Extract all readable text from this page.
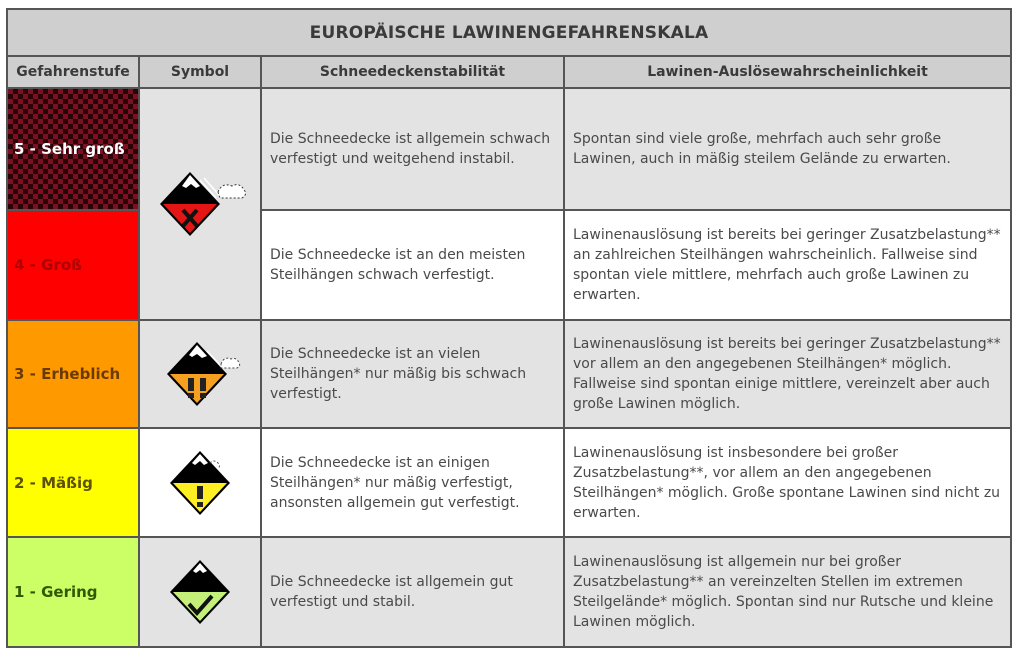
EUROPÄISCHE LAWINENGEFAHRENSKALA			
Gefahrenstufe	Symbol	Schneedeckenstabilität	Lawinen-Auslösewahrscheinlichkeit
5 - Sehr groß		Die Schneedecke ist allgemein schwach verfestigt und weitgehend instabil.	Spontan sind viele große, mehrfach auch sehr große Lawinen, auch in mäßig steilem Gelände zu erwarten.
4 - Groß		Die Schneedecke ist an den meisten Steilhängen schwach verfestigt.	Lawinenauslösung ist bereits bei geringer Zusatzbelastung** an zahlreichen Steilhängen wahrscheinlich. Fallweise sind spontan viele mittlere, mehrfach auch große Lawinen zu erwarten.
3 - Erheblich		Die Schneedecke ist an vielen Steilhängen* nur mäßig bis schwach verfestigt.	Lawinenauslösung ist bereits bei geringer Zusatzbelastung** vor allem an den angegebenen Steilhängen* möglich. Fallweise sind spontan einige mittlere, vereinzelt aber auch große Lawinen möglich.
2 - Mäßig		Die Schneedecke ist an einigen Steilhängen* nur mäßig verfestigt, ansonsten allgemein gut verfestigt.	Lawinenauslösung ist insbesondere bei großer Zusatzbelastung**, vor allem an den angegebenen Steilhängen* möglich. Große spontane Lawinen sind nicht zu erwarten.
1 - Gering		Die Schneedecke ist allgemein gut verfestigt und stabil.	Lawinenauslösung ist allgemein nur bei großer Zusatzbelastung** an vereinzelten Stellen im extremen Steilgelände* möglich. Spontan sind nur Rutsche und kleine Lawinen möglich.
